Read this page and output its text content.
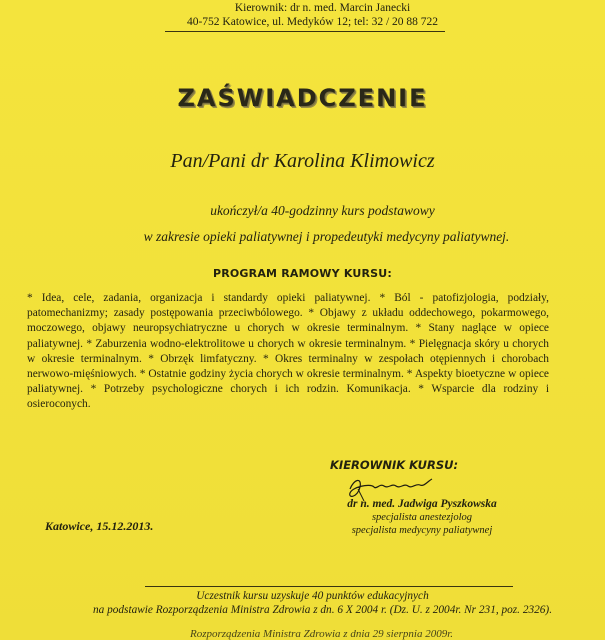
Kierownik: dr n. med. Marcin Janecki
40-752 Katowice, ul. Medyków 12; tel: 32 / 20 88 722
ZAŚWIADCZENIE
Pan/Pani dr Karolina Klimowicz
ukończył/a 40-godzinny kurs podstawowy
w zakresie opieki paliatywnej i propedeutyki medycyny paliatywnej.
PROGRAM RAMOWY KURSU:
* Idea, cele, zadania, organizacja i standardy opieki paliatywnej. * Ból - patofizjologia, podziały, patomechanizmy; zasady postępowania przeciwbólowego. * Objawy z układu oddechowego, pokarmowego, moczowego, objawy neuropsychiatryczne u chorych w okresie terminalnym. * Stany naglące w opiece paliatywnej. * Zaburzenia wodno-elektrolitowe u chorych w okresie terminalnym. * Pielęgnacja skóry u chorych w okresie terminalnym. * Obrzęk limfatyczny. * Okres terminalny w zespołach otępiennych i chorobach nerwowo-mięśniowych. * Ostatnie godziny życia chorych w okresie terminalnym. * Aspekty bioetyczne w opiece paliatywnej. * Potrzeby psychologiczne chorych i ich rodzin. Komunikacja. * Wsparcie dla rodziny i osieroconych.
KIEROWNIK KURSU:
dr n. med. Jadwiga Pyszkowska
specjalista anestezjolog
specjalista medycyny paliatywnej
Katowice, 15.12.2013.
Uczestnik kursu uzyskuje 40 punktów edukacyjnych
na podstawie Rozporządzenia Ministra Zdrowia z dn. 6 X 2004 r. (Dz. U. z 2004r. Nr 231, poz. 2326).
Rozporządzenia Ministra Zdrowia z dnia 29 sierpnia 2009r.
